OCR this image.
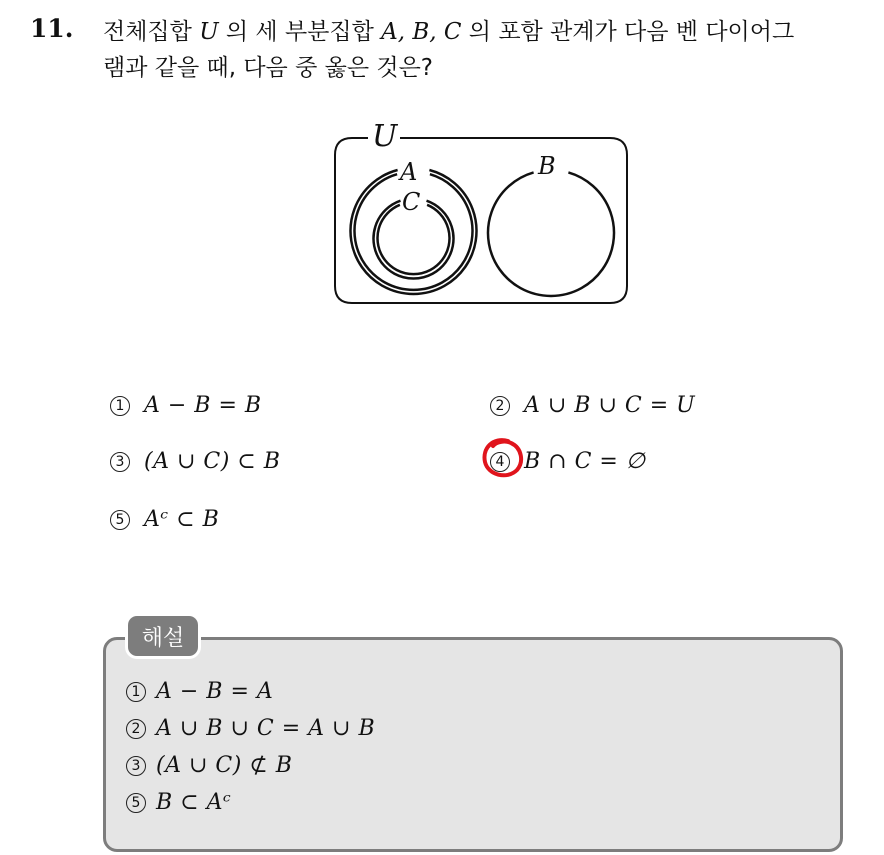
11. 전체집합 U 의 세 부분집합 A, B, C 의 포함 관계가 다음 벤 다이어그
램과 같을 때, 다음 중 옳은 것은?
U
A
C
B
1 A − B = B	2 A ∪ B ∪ C = U
3 (A ∪ C) ⊂ B	4 B ∩ C = ∅
5 Aᶜ ⊂ B
해설
1 A − B = A
2 A ∪ B ∪ C = A ∪ B
3 (A ∪ C) ⊄ B
5 B ⊂ Aᶜ
